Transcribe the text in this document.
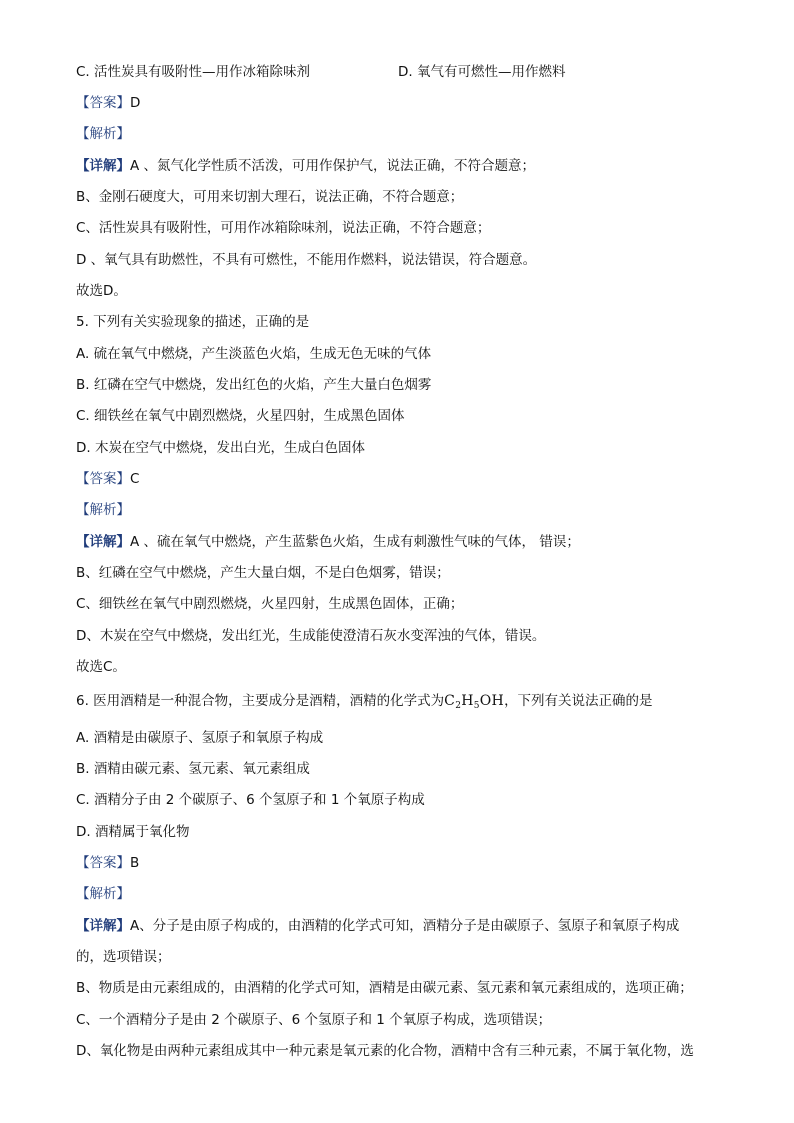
C. 活性炭具有吸附性—用作冰箱除味剂	D. 氧气有可燃性—用作燃料
【答案】D
【解析】
【详解】A 、氮气化学性质不活泼，可用作保护气，说法正确，不符合题意；
B、金刚石硬度大，可用来切割大理石，说法正确，不符合题意；
C、活性炭具有吸附性，可用作冰箱除味剂，说法正确，不符合题意；
D 、氧气具有助燃性，不具有可燃性，不能用作燃料，说法错误，符合题意。
故选D。
5. 下列有关实验现象的描述，正确的是
A. 硫在氧气中燃烧，产生淡蓝色火焰，生成无色无味的气体
B. 红磷在空气中燃烧，发出红色的火焰，产生大量白色烟雾
C. 细铁丝在氧气中剧烈燃烧，火星四射，生成黑色固体
D. 木炭在空气中燃烧，发出白光，生成白色固体
【答案】C
【解析】
【详解】A 、硫在氧气中燃烧，产生蓝紫色火焰，生成有刺激性气味的气体， 错误；
B、红磷在空气中燃烧，产生大量白烟，不是白色烟雾，错误；
C、细铁丝在氧气中剧烈燃烧，火星四射，生成黑色固体，正确；
D、木炭在空气中燃烧，发出红光，生成能使澄清石灰水变浑浊的气体，错误。
故选C。
6. 医用酒精是一种混合物，主要成分是酒精，酒精的化学式为$C_2H_5OH$，下列有关说法正确的是
A. 酒精是由碳原子、氢原子和氧原子构成
B. 酒精由碳元素、氢元素、氧元素组成
C. 酒精分子由 2 个碳原子、6 个氢原子和 1 个氧原子构成
D. 酒精属于氧化物
【答案】B
【解析】
【详解】A、分子是由原子构成的，由酒精的化学式可知，酒精分子是由碳原子、氢原子和氧原子构成
的，选项错误；
B、物质是由元素组成的，由酒精的化学式可知，酒精是由碳元素、氢元素和氧元素组成的，选项正确；
C、一个酒精分子是由 2 个碳原子、6 个氢原子和 1 个氧原子构成，选项错误；
D、氧化物是由两种元素组成其中一种元素是氧元素的化合物，酒精中含有三种元素，不属于氧化物，选
